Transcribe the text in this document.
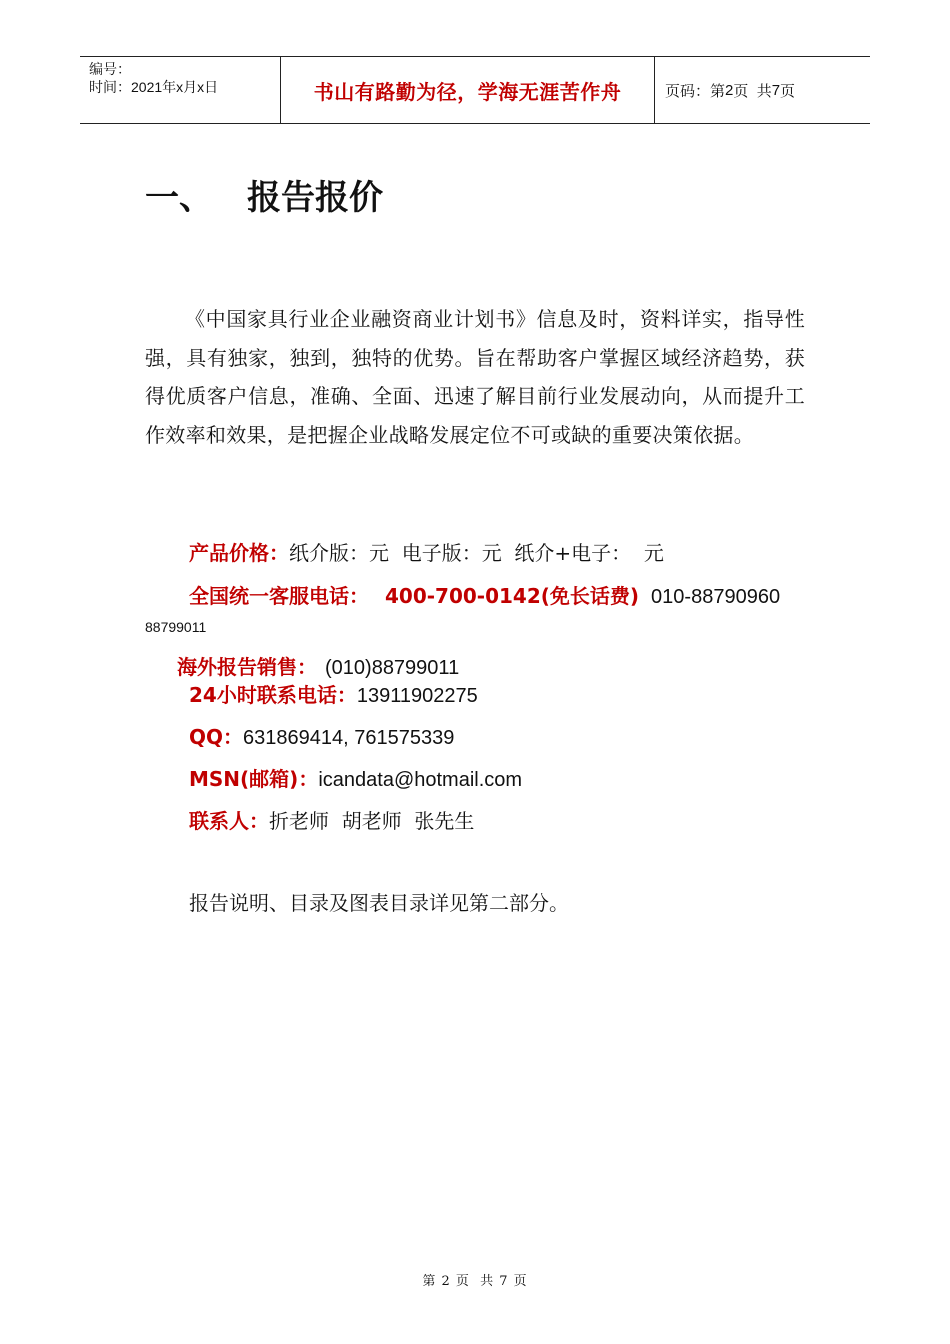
编号：
时间：2021年x月x日	书山有路勤为径，学海无涯苦作舟	页码：第 2 页  共 7 页
一、	报告报价
《中国家具行业企业融资商业计划书》信息及时，资料详实，指导性强，具有独家，独到，独特的优势。旨在帮助客户掌握区域经济趋势，获得优质客户信息，准确、全面、迅速了解目前行业发展动向，从而提升工作效率和效果，是把握企业战略发展定位不可或缺的重要决策依据。
产品价格：纸介版：元  电子版：元  纸介+电子：  元
全国统一客服电话： 400-700-0142(免长话费) 010-88790960
88799011
海外报告销售： (010)88799011
24小时联系电话：13911902275
QQ：631869414, 761575339
MSN(邮箱)：icandata@hotmail.com
联系人：折老师  胡老师  张先生
报告说明、目录及图表目录详见第二部分。
第 2 页  共 7 页
